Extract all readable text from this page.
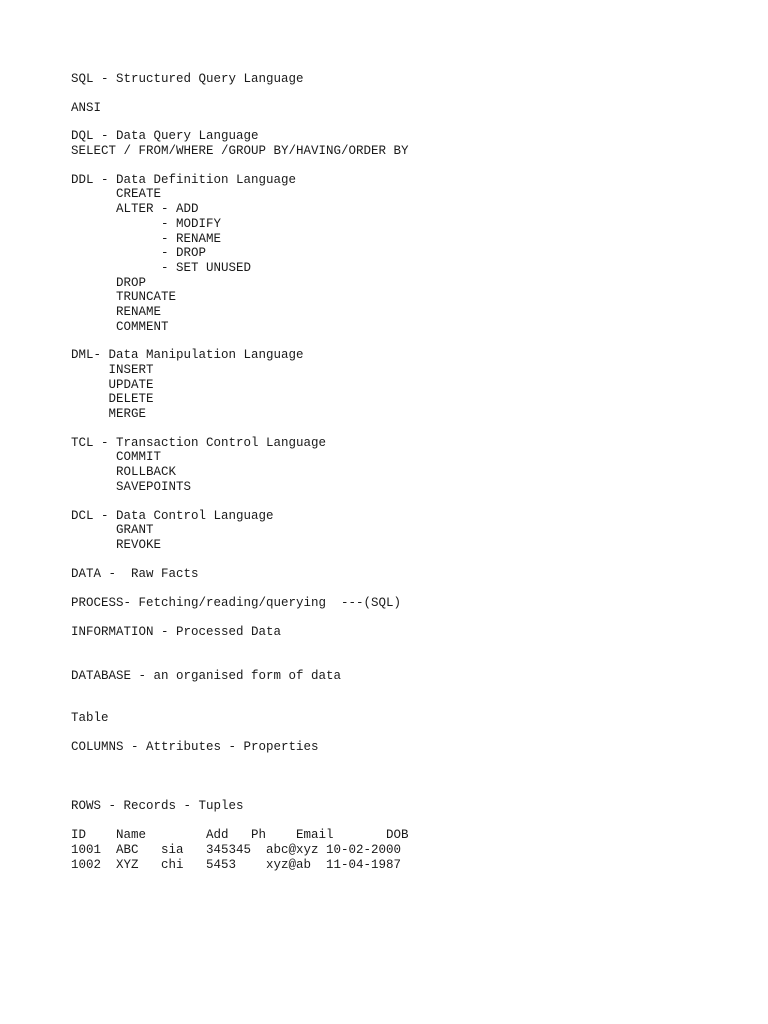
SQL - Structured Query Language
ANSI
DQL - Data Query Language
SELECT / FROM/WHERE /GROUP BY/HAVING/ORDER BY
DDL - Data Definition Language
CREATE
ALTER - ADD
- MODIFY
- RENAME
- DROP
- SET UNUSED
DROP
TRUNCATE
RENAME
COMMENT
DML- Data Manipulation Language
INSERT
UPDATE
DELETE
MERGE
TCL - Transaction Control Language
COMMIT
ROLLBACK
SAVEPOINTS
DCL - Data Control Language
GRANT
REVOKE
DATA -  Raw Facts
PROCESS- Fetching/reading/querying  ---(SQL)
INFORMATION - Processed Data
DATABASE - an organised form of data
Table
COLUMNS - Attributes - Properties
ROWS - Records - Tuples
ID    Name        Add   Ph    Email       DOB
1001  ABC   sia   345345  abc@xyz 10-02-2000
1002  XYZ   chi   5453    xyz@ab  11-04-1987
